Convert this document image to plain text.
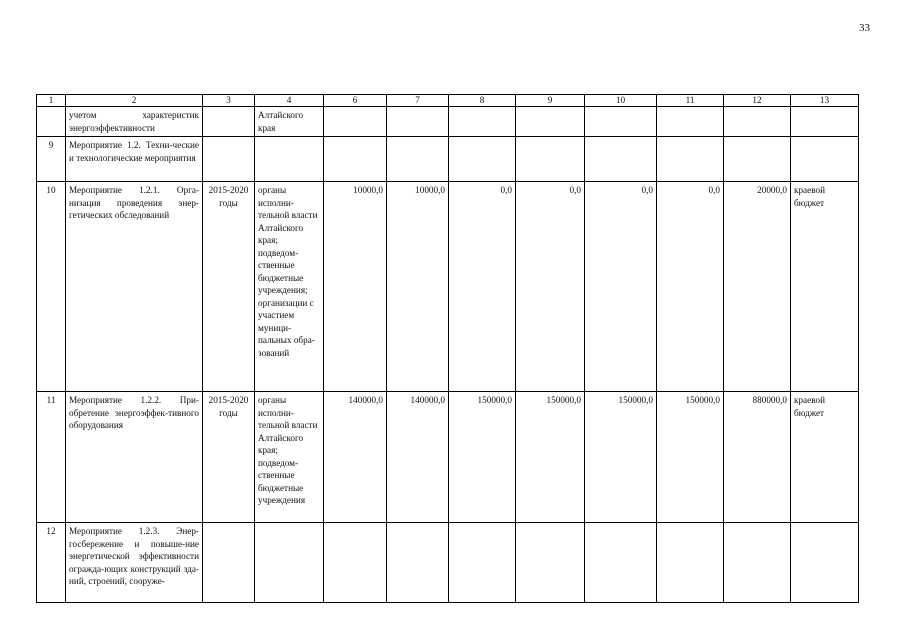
33
1	2	3	4	6	7	8	9	10	11	12	13
	учетом характеристик энергоэффективности		Алтайского края								
9	Мероприятие 1.2. Техни-ческие и технологические мероприятия										
10	Мероприятие 1.2.1. Орга-низация проведения энер-гетических обследований	2015-2020 годы	органы исполни-тельной власти Алтайского края; подведом-ственные бюджетные учреждения; организации с участием муници-пальных обра-зований	10000,0	10000,0	0,0	0,0	0,0	0,0	20000,0	краевой бюджет
11	Мероприятие 1.2.2. При-обретение энергоэффек-тивного оборудования	2015-2020 годы	органы исполни-тельной власти Алтайского края; подведом-ственные бюджетные учреждения	140000,0	140000,0	150000,0	150000,0	150000,0	150000,0	880000,0	краевой бюджет
12	Мероприятие 1.2.3. Энер-госбережение и повыше-ние энергетической эффективности огражда-ющих конструкций зда-ний, строений, сооруже-										
